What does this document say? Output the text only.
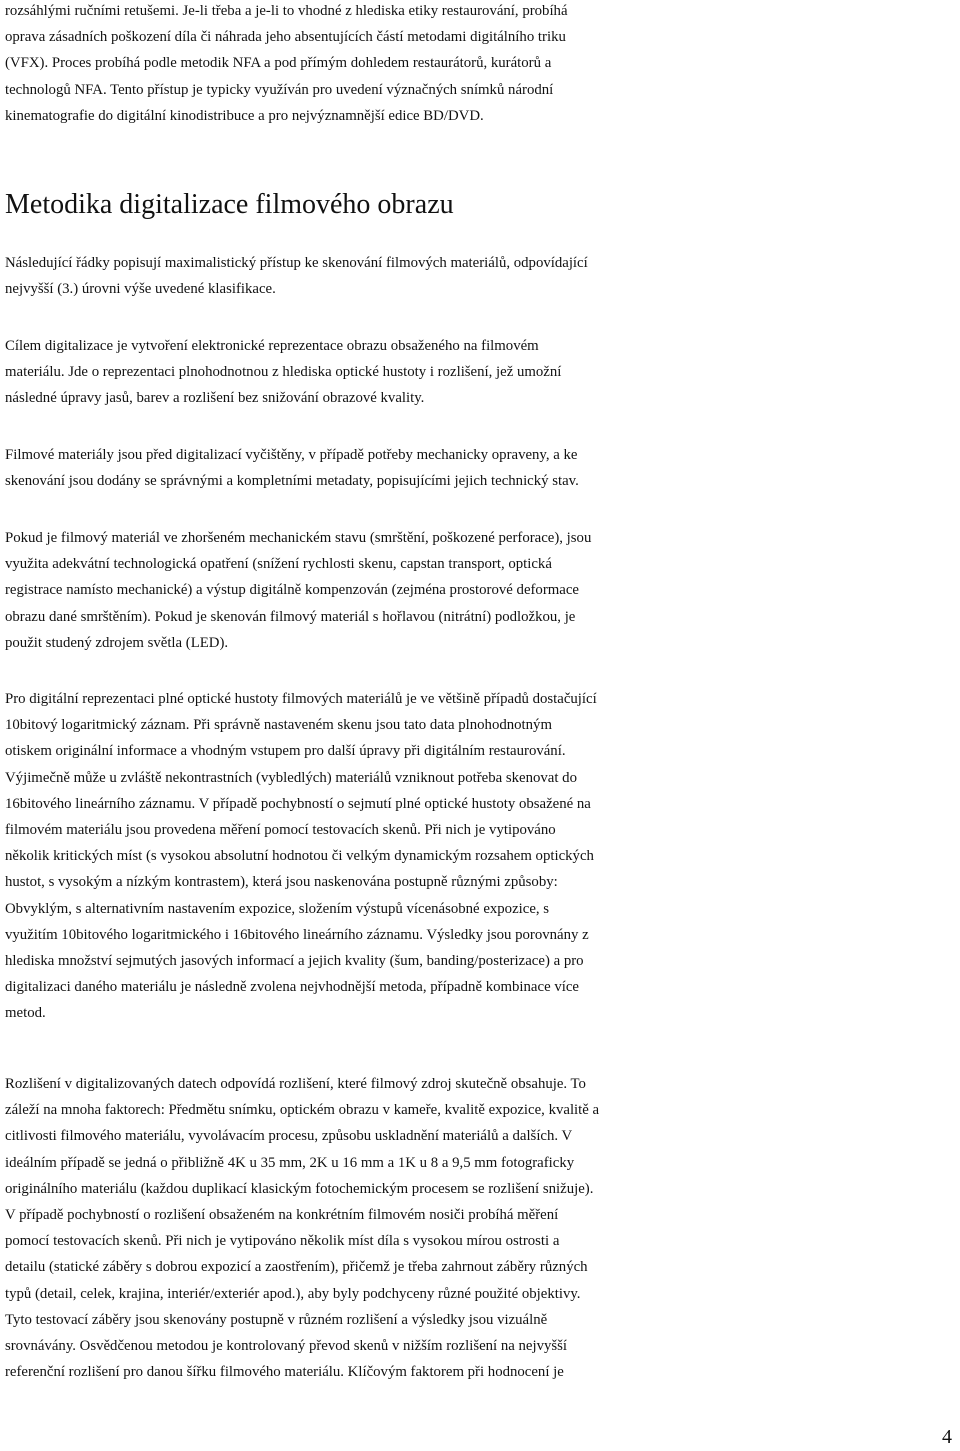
rozsáhlými ručními retušemi. Je-li třeba a je-li to vhodné z hlediska etiky restaurování, probíhá
oprava zásadních poškození díla či náhrada jeho absentujících částí metodami digitálního triku
(VFX). Proces probíhá podle metodik NFA a pod přímým dohledem restaurátorů, kurátorů a
technologů NFA. Tento přístup je typicky využíván pro uvedení význačných snímků národní
kinematografie do digitální kinodistribuce a pro nejvýznamnější edice BD/DVD.
Metodika digitalizace filmového obrazu
Následující řádky popisují maximalistický přístup ke skenování filmových materiálů, odpovídající
nejvyšší (3.) úrovni výše uvedené klasifikace.
Cílem digitalizace je vytvoření elektronické reprezentace obrazu obsaženého na filmovém
materiálu. Jde o reprezentaci plnohodnotnou z hlediska optické hustoty i rozlišení, jež umožní
následné úpravy jasů, barev a rozlišení bez snižování obrazové kvality.
Filmové materiály jsou před digitalizací vyčištěny, v případě potřeby mechanicky opraveny, a ke
skenování jsou dodány se správnými a kompletními metadaty, popisujícími jejich technický stav.
Pokud je filmový materiál ve zhoršeném mechanickém stavu (smrštění, poškozené perforace), jsou
využita adekvátní technologická opatření (snížení rychlosti skenu, capstan transport, optická
registrace namísto mechanické) a výstup digitálně kompenzován (zejména prostorové deformace
obrazu dané smrštěním). Pokud je skenován filmový materiál s hořlavou (nitrátní) podložkou, je
použit studený zdrojem světla (LED).
Pro digitální reprezentaci plné optické hustoty filmových materiálů je ve většině případů dostačující
10bitový logaritmický záznam. Při správně nastaveném skenu jsou tato data plnohodnotným
otiskem originální informace a vhodným vstupem pro další úpravy při digitálním restaurování.
Výjimečně může u zvláště nekontrastních (vybledlých) materiálů vzniknout potřeba skenovat do
16bitového lineárního záznamu. V případě pochybností o sejmutí plné optické hustoty obsažené na
filmovém materiálu jsou provedena měření pomocí testovacích skenů. Při nich je vytipováno
několik kritických míst (s vysokou absolutní hodnotou či velkým dynamickým rozsahem optických
hustot, s vysokým a nízkým kontrastem), která jsou naskenována postupně různými způsoby:
Obvyklým, s alternativním nastavením expozice, složením výstupů vícenásobné expozice, s
využitím 10bitového logaritmického i 16bitového lineárního záznamu. Výsledky jsou porovnány z
hlediska množství sejmutých jasových informací a jejich kvality (šum, banding/posterizace) a pro
digitalizaci daného materiálu je následně zvolena nejvhodnější metoda, případně kombinace více
metod.
Rozlišení v digitalizovaných datech odpovídá rozlišení, které filmový zdroj skutečně obsahuje. To
záleží na mnoha faktorech: Předmětu snímku, optickém obrazu v kameře, kvalitě expozice, kvalitě a
citlivosti filmového materiálu, vyvolávacím procesu, způsobu uskladnění materiálů a dalších. V
ideálním případě se jedná o přibližně 4K u 35 mm, 2K u 16 mm a 1K u 8 a 9,5 mm fotograficky
originálního materiálu (každou duplikací klasickým fotochemickým procesem se rozlišení snižuje).
V případě pochybností o rozlišení obsaženém na konkrétním filmovém nosiči probíhá měření
pomocí testovacích skenů. Při nich je vytipováno několik míst díla s vysokou mírou ostrosti a
detailu (statické záběry s dobrou expozicí a zaostřením), přičemž je třeba zahrnout záběry různých
typů (detail, celek, krajina, interiér/exteriér apod.), aby byly podchyceny různé použité objektivy.
Tyto testovací záběry jsou skenovány postupně v různém rozlišení a výsledky jsou vizuálně
srovnávány. Osvědčenou metodou je kontrolovaný převod skenů v nižším rozlišení na nejvyšší
referenční rozlišení pro danou šířku filmového materiálu. Klíčovým faktorem při hodnocení je
4
